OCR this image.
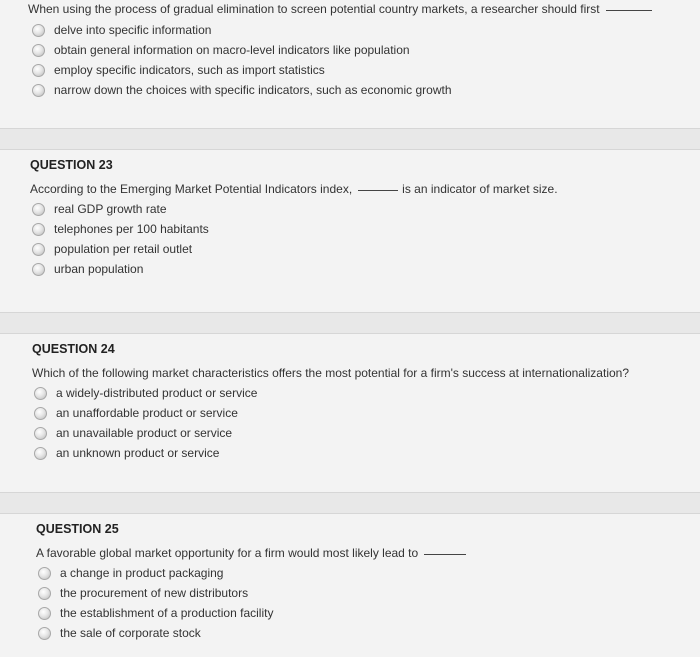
When using the process of gradual elimination to screen potential country markets, a researcher should first
delve into specific information
obtain general information on macro-level indicators like population
employ specific indicators, such as import statistics
narrow down the choices with specific indicators, such as economic growth
QUESTION 23
According to the Emerging Market Potential Indicators index,	is an indicator of market size.
real GDP growth rate
telephones per 100 habitants
population per retail outlet
urban population
QUESTION 24
Which of the following market characteristics offers the most potential for a firm's success at internationalization?
a widely-distributed product or service
an unaffordable product or service
an unavailable product or service
an unknown product or service
QUESTION 25
A favorable global market opportunity for a firm would most likely lead to
a change in product packaging
the procurement of new distributors
the establishment of a production facility
the sale of corporate stock
